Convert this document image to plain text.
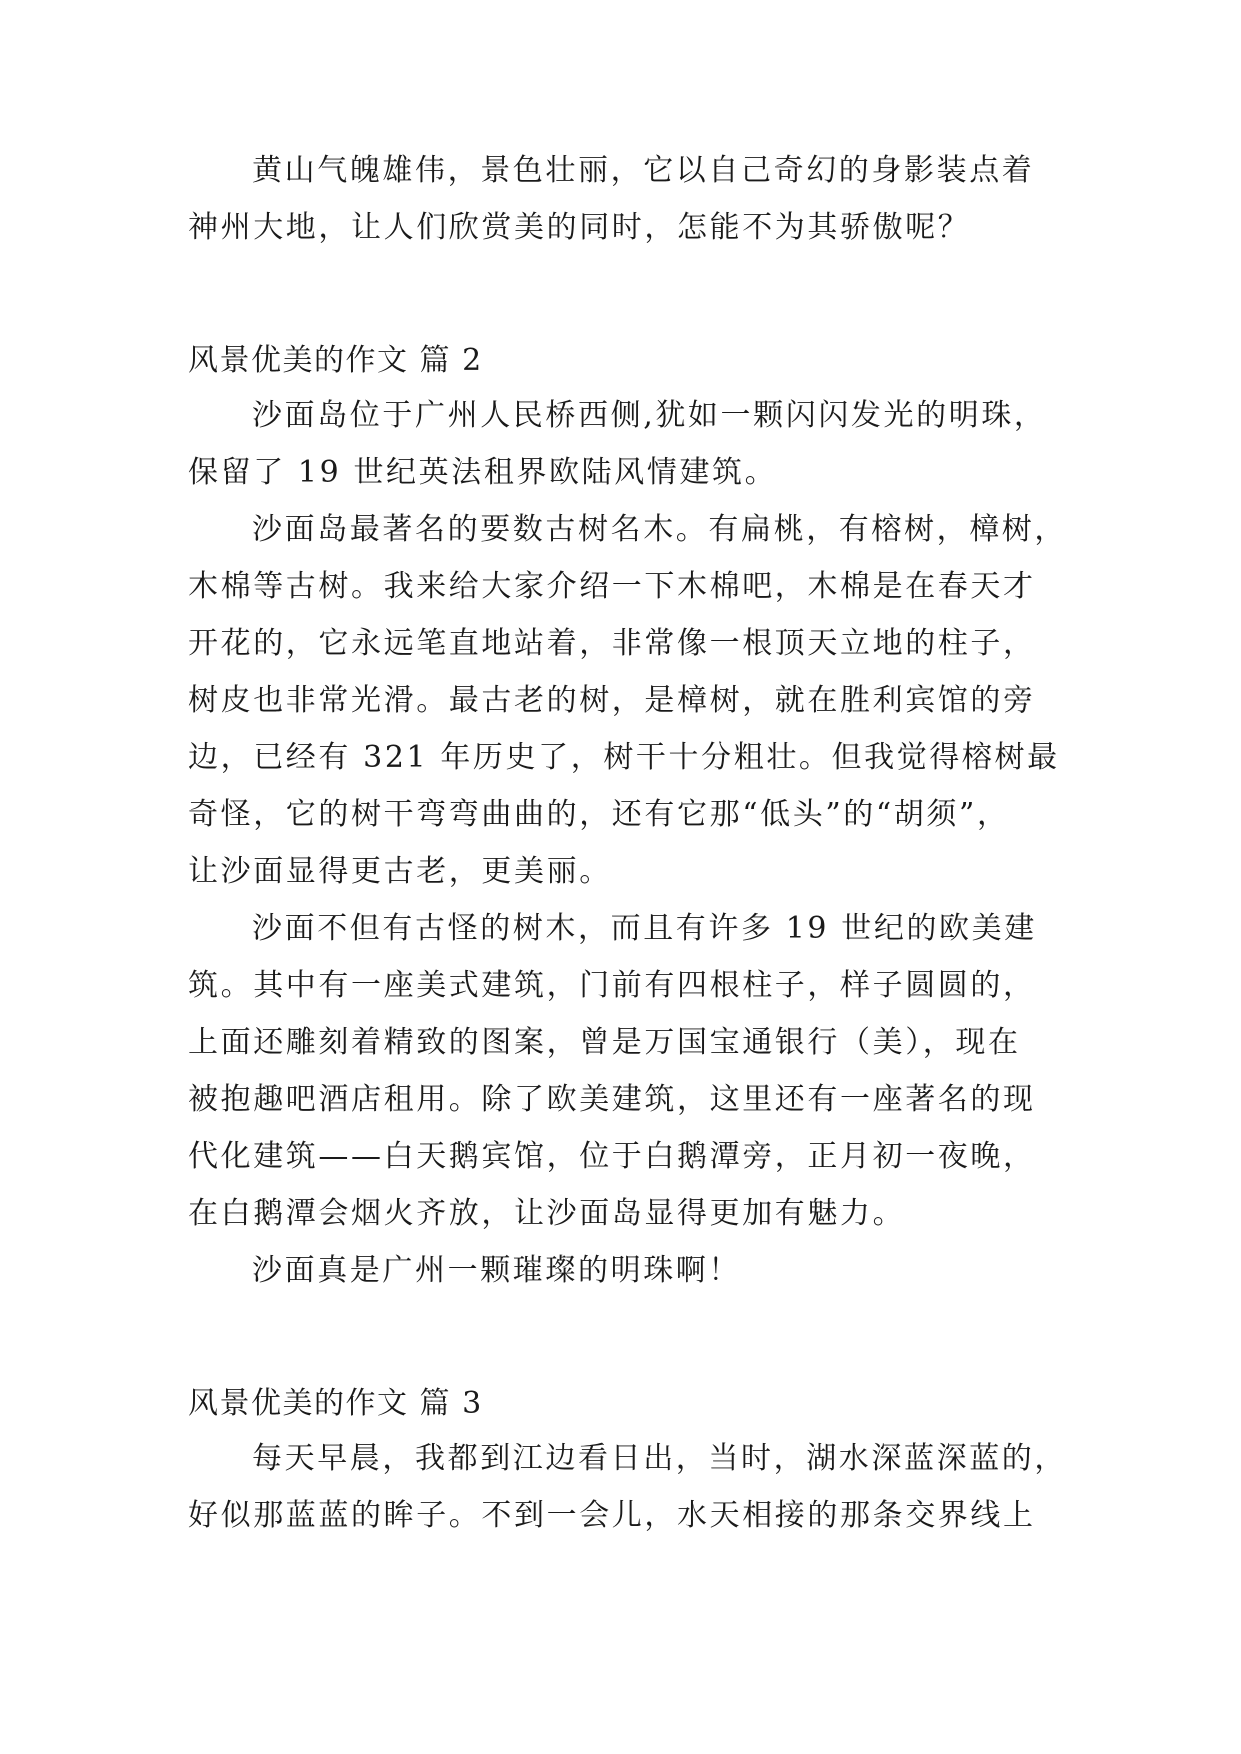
黄山气魄雄伟，景色壮丽，它以自己奇幻的身影装点着
神州大地，让人们欣赏美的同时，怎能不为其骄傲呢？
风景优美的作文 篇 2
沙面岛位于广州人民桥西侧,犹如一颗闪闪发光的明珠，
保留了 19 世纪英法租界欧陆风情建筑。
沙面岛最著名的要数古树名木。有扁桃，有榕树，樟树，
木棉等古树。我来给大家介绍一下木棉吧，木棉是在春天才
开花的，它永远笔直地站着，非常像一根顶天立地的柱子，
树皮也非常光滑。最古老的树，是樟树，就在胜利宾馆的旁
边，已经有 321 年历史了，树干十分粗壮。但我觉得榕树最
奇怪，它的树干弯弯曲曲的，还有它那“低头”的“胡须”，
让沙面显得更古老，更美丽。
沙面不但有古怪的树木，而且有许多 19 世纪的欧美建
筑。其中有一座美式建筑，门前有四根柱子，样子圆圆的，
上面还雕刻着精致的图案，曾是万国宝通银行（美），现在
被抱趣吧酒店租用。除了欧美建筑，这里还有一座著名的现
代化建筑——白天鹅宾馆，位于白鹅潭旁，正月初一夜晚，
在白鹅潭会烟火齐放，让沙面岛显得更加有魅力。
沙面真是广州一颗璀璨的明珠啊！
风景优美的作文 篇 3
每天早晨，我都到江边看日出，当时，湖水深蓝深蓝的，
好似那蓝蓝的眸子。不到一会儿，水天相接的那条交界线上
